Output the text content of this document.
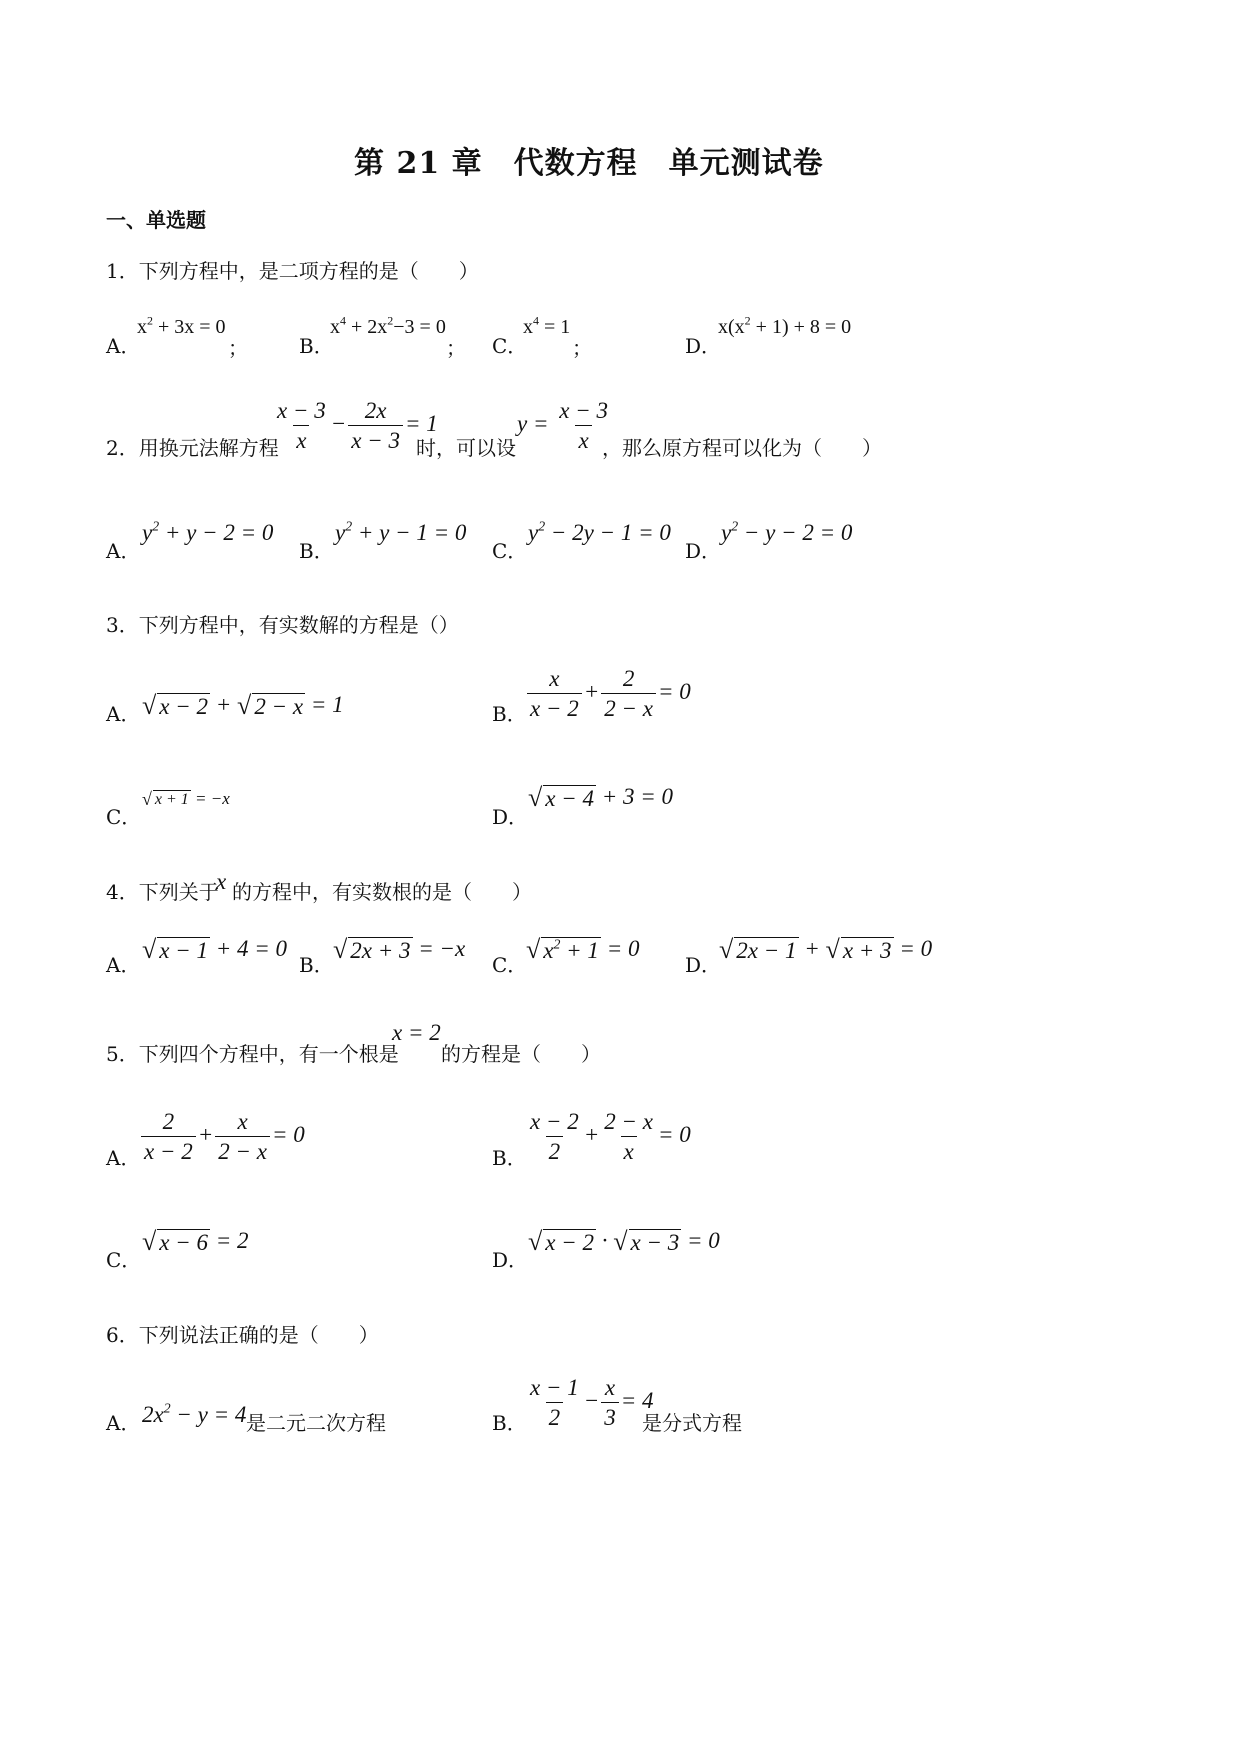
第 21 章　代数方程　单元测试卷
一、单选题
1．下列方程中，是二项方程的是（　　）
A．
$x^2 + 3x = 0$
；	B．
$x^4 + 2x^2-3 = 0$
； C．
$x^4 = 1$
；	D．
$x(x^2 + 1) + 8 = 0$
2．用换元法解方程
$\frac{x - 3}{x} - \frac{2x}{x - 3} = 1$
时，可以设
$y = \frac{x - 3}{x}$
，那么原方程可以化为（　　）
A．
$y^2 + y - 2 = 0$
B．
$y^2 + y - 1 = 0$
C．
$y^2 - 2y - 1 = 0$
D．
$y^2 - y - 2 = 0$
3．下列方程中，有实数解的方程是（）
A． √ x − 2 + √ 2 − x = 1	B． $\frac{x}{x - 2} + \frac{2}{2 - x} = 0$
C．
√ x + 1 = −x
D．
√ x − 4 + 3 = 0
4．下列关于
x 的方程中，有实数根的是（　　）
A．
√ x − 1 + 4 = 0
B．
√ 2x + 3 = −x
C．
√ $x^2 + 1 = 0$
D．
√ 2x − 1 + √ x + 3 = 0
5．下列四个方程中，有一个根是
x = 2
的方程是（　　）
A． $\frac{2}{x - 2} + \frac{x}{2 - x} = 0$
B． $\frac{x - 2}{2} + \frac{2 - x}{x} = 0$
C．
√ x − 6 = 2
D．
√ x − 2 · √ x − 3 = 0
6．下列说法正确的是（　　）
A． $2x^2 - y = 4$ 是二元二次方程	B． $\frac{x - 1}{2} - \frac{x}{3} = 4$
是分式方程
